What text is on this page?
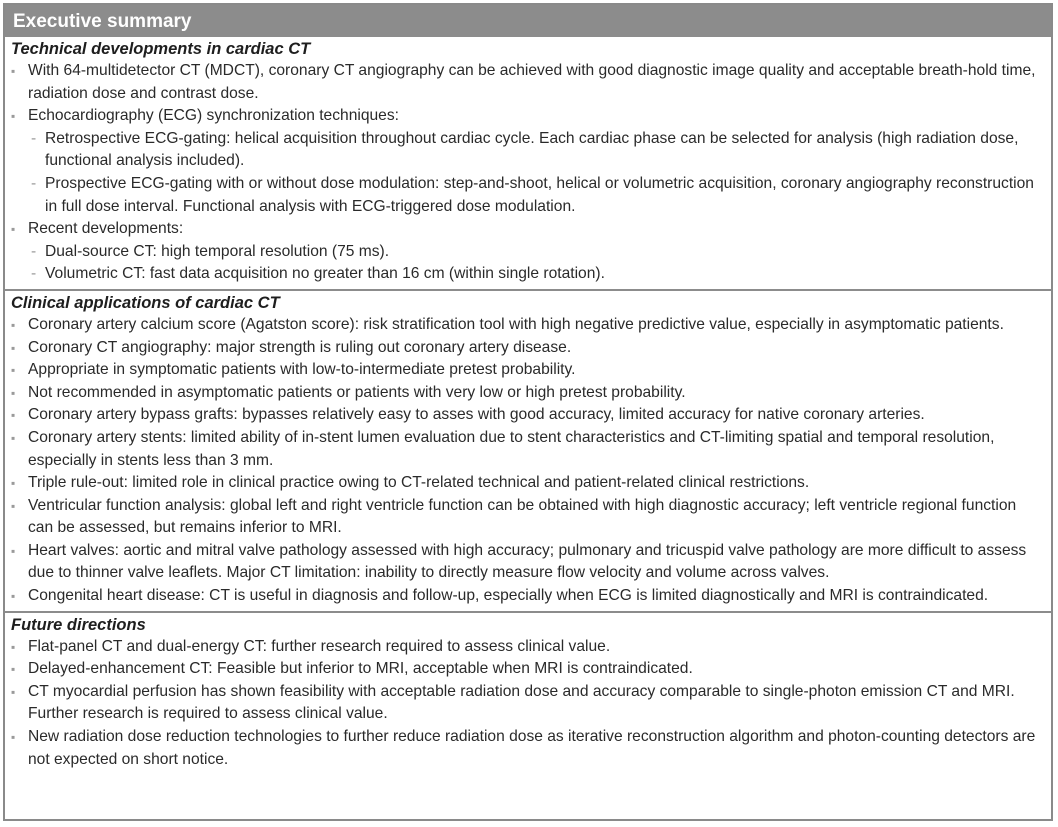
Executive summary
Technical developments in cardiac CT
▪ With 64-multidetector CT (MDCT), coronary CT angiography can be achieved with good diagnostic image quality and acceptable breath-hold time, radiation dose and contrast dose.
▪ Echocardiography (ECG) synchronization techniques:
- Retrospective ECG-gating: helical acquisition throughout cardiac cycle. Each cardiac phase can be selected for analysis (high radiation dose, functional analysis included).
- Prospective ECG-gating with or without dose modulation: step-and-shoot, helical or volumetric acquisition, coronary angiography reconstruction in full dose interval. Functional analysis with ECG-triggered dose modulation.
▪ Recent developments:
- Dual-source CT: high temporal resolution (75 ms).
- Volumetric CT: fast data acquisition no greater than 16 cm (within single rotation).
Clinical applications of cardiac CT
▪ Coronary artery calcium score (Agatston score): risk stratification tool with high negative predictive value, especially in asymptomatic patients.
▪ Coronary CT angiography: major strength is ruling out coronary artery disease.
▪ Appropriate in symptomatic patients with low-to-intermediate pretest probability.
▪ Not recommended in asymptomatic patients or patients with very low or high pretest probability.
▪ Coronary artery bypass grafts: bypasses relatively easy to asses with good accuracy, limited accuracy for native coronary arteries.
▪ Coronary artery stents: limited ability of in-stent lumen evaluation due to stent characteristics and CT-limiting spatial and temporal resolution, especially in stents less than 3 mm.
▪ Triple rule-out: limited role in clinical practice owing to CT-related technical and patient-related clinical restrictions.
▪ Ventricular function analysis: global left and right ventricle function can be obtained with high diagnostic accuracy; left ventricle regional function can be assessed, but remains inferior to MRI.
▪ Heart valves: aortic and mitral valve pathology assessed with high accuracy; pulmonary and tricuspid valve pathology are more difficult to assess due to thinner valve leaflets. Major CT limitation: inability to directly measure flow velocity and volume across valves.
▪ Congenital heart disease: CT is useful in diagnosis and follow-up, especially when ECG is limited diagnostically and MRI is contraindicated.
Future directions
▪ Flat-panel CT and dual-energy CT: further research required to assess clinical value.
▪ Delayed-enhancement CT: Feasible but inferior to MRI, acceptable when MRI is contraindicated.
▪ CT myocardial perfusion has shown feasibility with acceptable radiation dose and accuracy comparable to single-photon emission CT and MRI. Further research is required to assess clinical value.
▪ New radiation dose reduction technologies to further reduce radiation dose as iterative reconstruction algorithm and photon-counting detectors are not expected on short notice.
